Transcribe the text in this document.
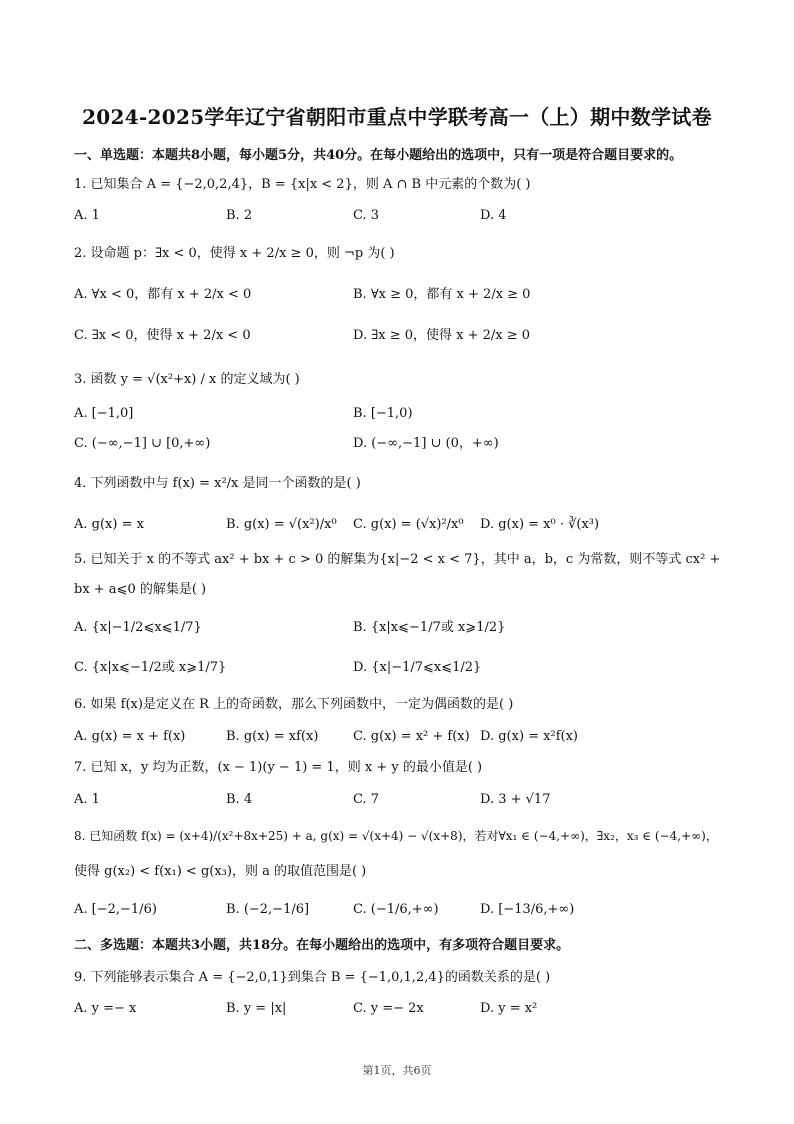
2024-2025学年辽宁省朝阳市重点中学联考高一（上）期中数学试卷
一、单选题：本题共8小题，每小题5分，共40分。在每小题给出的选项中，只有一项是符合题目要求的。
1. 已知集合 A = {−2,0,2,4}，B = {x|x < 2}，则 A ∩ B 中元素的个数为( )
A. 1	B. 2	C. 3	D. 4
2. 设命题 p：∃x < 0，使得 x + 2/x ≥ 0，则 ¬p 为( )
A. ∀x < 0，都有 x + 2/x < 0	B. ∀x ≥ 0，都有 x + 2/x ≥ 0
C. ∃x < 0，使得 x + 2/x < 0	D. ∃x ≥ 0，使得 x + 2/x ≥ 0
3. 函数 y = √(x²+x) / x 的定义域为( )
A. [−1,0]	B. [−1,0)
C. (−∞,−1] ∪ [0,+∞)	D. (−∞,−1] ∪ (0，+∞)
4. 下列函数中与 f(x) = x²/x 是同一个函数的是( )
A. g(x) = x	B. g(x) = √(x²)/x⁰ C. g(x) = (√x)²/x⁰ D. g(x) = x⁰ · ∛(x³)
5. 已知关于 x 的不等式 ax² + bx + c > 0 的解集为{x|−2 < x < 7}，其中 a，b，c 为常数，则不等式 cx² +
bx + a⩽0 的解集是( )
A. {x|−1/2⩽x⩽1/7}	B. {x|x⩽−1/7或 x⩾1/2}
C. {x|x⩽−1/2或 x⩾1/7}	D. {x|−1/7⩽x⩽1/2}
6. 如果 f(x)是定义在 R 上的奇函数，那么下列函数中，一定为偶函数的是( )
A. g(x) = x + f(x)	B. g(x) = xf(x)	C. g(x) = x² + f(x) D. g(x) = x²f(x)
7. 已知 x，y 均为正数，(x − 1)(y − 1) = 1，则 x + y 的最小值是( )
A. 1	B. 4	C. 7	D. 3 + √17
8. 已知函数 f(x) = (x+4)/(x²+8x+25) + a, g(x) = √(x+4) − √(x+8)，若对∀x₁ ∈ (−4,+∞)，∃x₂，x₃ ∈ (−4,+∞)，
使得 g(x₂) < f(x₁) < g(x₃)，则 a 的取值范围是( )
A. [−2,−1/6)	B. (−2,−1/6]	C. (−1/6,+∞)	D. [−13/6,+∞)
二、多选题：本题共3小题，共18分。在每小题给出的选项中，有多项符合题目要求。
9. 下列能够表示集合 A = {−2,0,1}到集合 B = {−1,0,1,2,4}的函数关系的是( )
A. y =− x	B. y = |x|	C. y =− 2x	D. y = x²
第1页，共6页
